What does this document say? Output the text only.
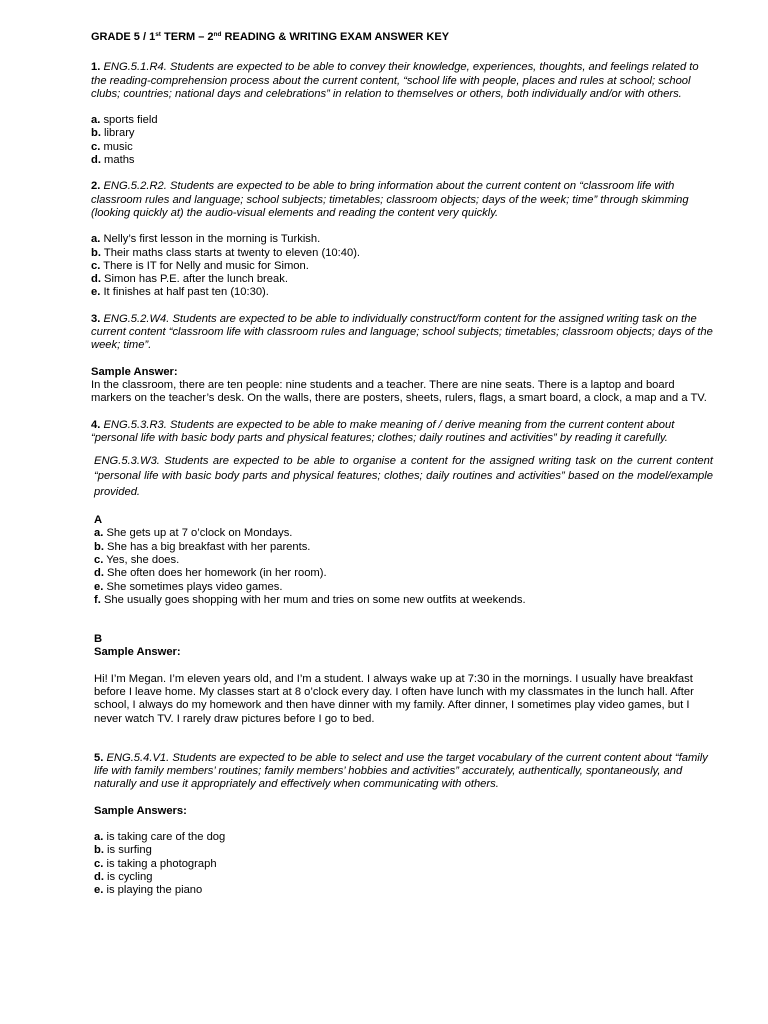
GRADE 5 / 1st TERM – 2nd READING & WRITING EXAM ANSWER KEY

1. ENG.5.1.R4. Students are expected to be able to convey their knowledge, experiences, thoughts, and feelings related to the reading-comprehension process about the current content, “school life with people, places and rules at school; school clubs; countries; national days and celebrations” in relation to themselves or others, both individually and/or with others.

a. sports field
b. library
c. music
d. maths

2. ENG.5.2.R2. Students are expected to be able to bring information about the current content on “classroom life with classroom rules and language; school subjects; timetables; classroom objects; days of the week; time” through skimming (looking quickly at) the audio-visual elements and reading the content very quickly.

a. Nelly’s first lesson in the morning is Turkish.
b. Their maths class starts at twenty to eleven (10:40).
c. There is IT for Nelly and music for Simon.
d. Simon has P.E. after the lunch break.
e. It finishes at half past ten (10:30).

3. ENG.5.2.W4. Students are expected to be able to individually construct/form content for the assigned writing task on the current content “classroom life with classroom rules and language; school subjects; timetables; classroom objects; days of the week; time”.

Sample Answer:

In the classroom, there are ten people: nine students and a teacher. There are nine seats. There is a laptop and board markers on the teacher’s desk. On the walls, there are posters, sheets, rulers, flags, a smart board, a clock, a map and a TV.

4. ENG.5.3.R3. Students are expected to be able to make meaning of / derive meaning from the current content about “personal life with basic body parts and physical features; clothes; daily routines and activities” by reading it carefully.

ENG.5.3.W3. Students are expected to be able to organise a content for the assigned writing task on the current content “personal life with basic body parts and physical features; clothes; daily routines and activities” based on the model/example provided.

A

a. She gets up at 7 o’clock on Mondays.
b. She has a big breakfast with her parents.
c. Yes, she does.
d. She often does her homework (in her room).
e. She sometimes plays video games.
f. She usually goes shopping with her mum and tries on some new outfits at weekends.

B

Sample Answer:

Hi! I’m Megan. I’m eleven years old, and I’m a student. I always wake up at 7:30 in the mornings. I usually have breakfast before I leave home. My classes start at 8 o’clock every day. I often have lunch with my classmates in the lunch hall. After school, I always do my homework and then have dinner with my family. After dinner, I sometimes play video games, but I never watch TV. I rarely draw pictures before I go to bed.

5. ENG.5.4.V1. Students are expected to be able to select and use the target vocabulary of the current content about “family life with family members’ routines; family members’ hobbies and activities” accurately, authentically, spontaneously, and naturally and use it appropriately and effectively when communicating with others.

Sample Answers:

a. is taking care of the dog
b. is surfing
c. is taking a photograph
d. is cycling
e. is playing the piano
